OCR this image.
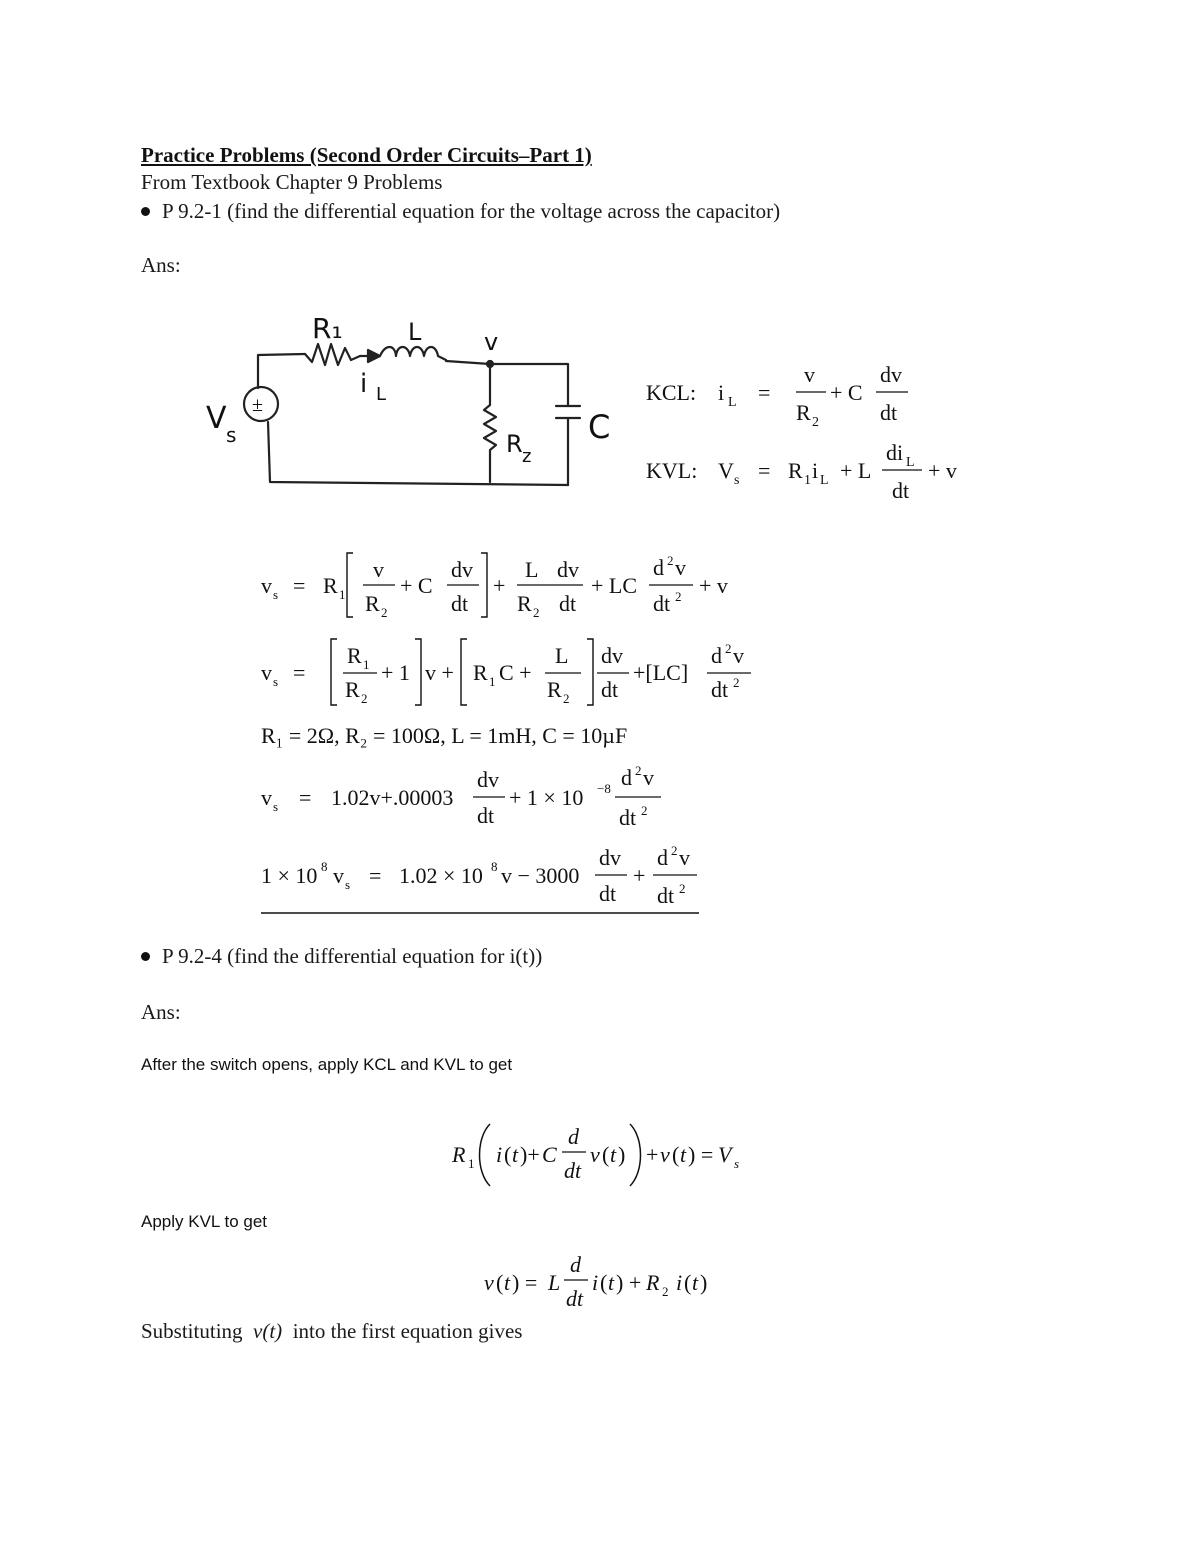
Practice Problems (Second Order Circuits–Part 1)
From Textbook Chapter 9 Problems
P 9.2-1 (find the differential equation for the voltage across the capacitor)
Ans:
±
R₁	L	v
i L
V s	R z
C
KCL: i L =
v
R 2
+ C
dv
dt
KVL: V s = R 1 i L + L
di L
dt
+ v
v s = R 1
v
R 2
+ C
dv
dt
+
L dv
R 2 dt
+ LC
d 2 v
dt 2 + v
v s =
R 1
R 2
+ 1 v + R 1 C +
L
R 2
dv
dt
+[LC]
d 2 v
dt 2
R₁ = 2Ω, R₂ = 100Ω, L = 1mH, C = 10µF
v s = 1.02v+.00003
dv
dt
+ 1 × 10 −8 d 2 v
dt 2
1 × 10 8 v s = 1.02 × 10 8 v − 3000
dv
dt
+
d 2 v
dt 2
P 9.2-4 (find the differential equation for i(t))
Ans:
After the switch opens, apply KCL and KVL to get
R 1 i ( t )+ C
d
dt
v ( t ) + v ( t ) = V s
Apply KVL to get
v ( t ) = L
d
dt
i ( t ) + R 2 i ( t )
Substituting  v(t)  into the first equation gives
